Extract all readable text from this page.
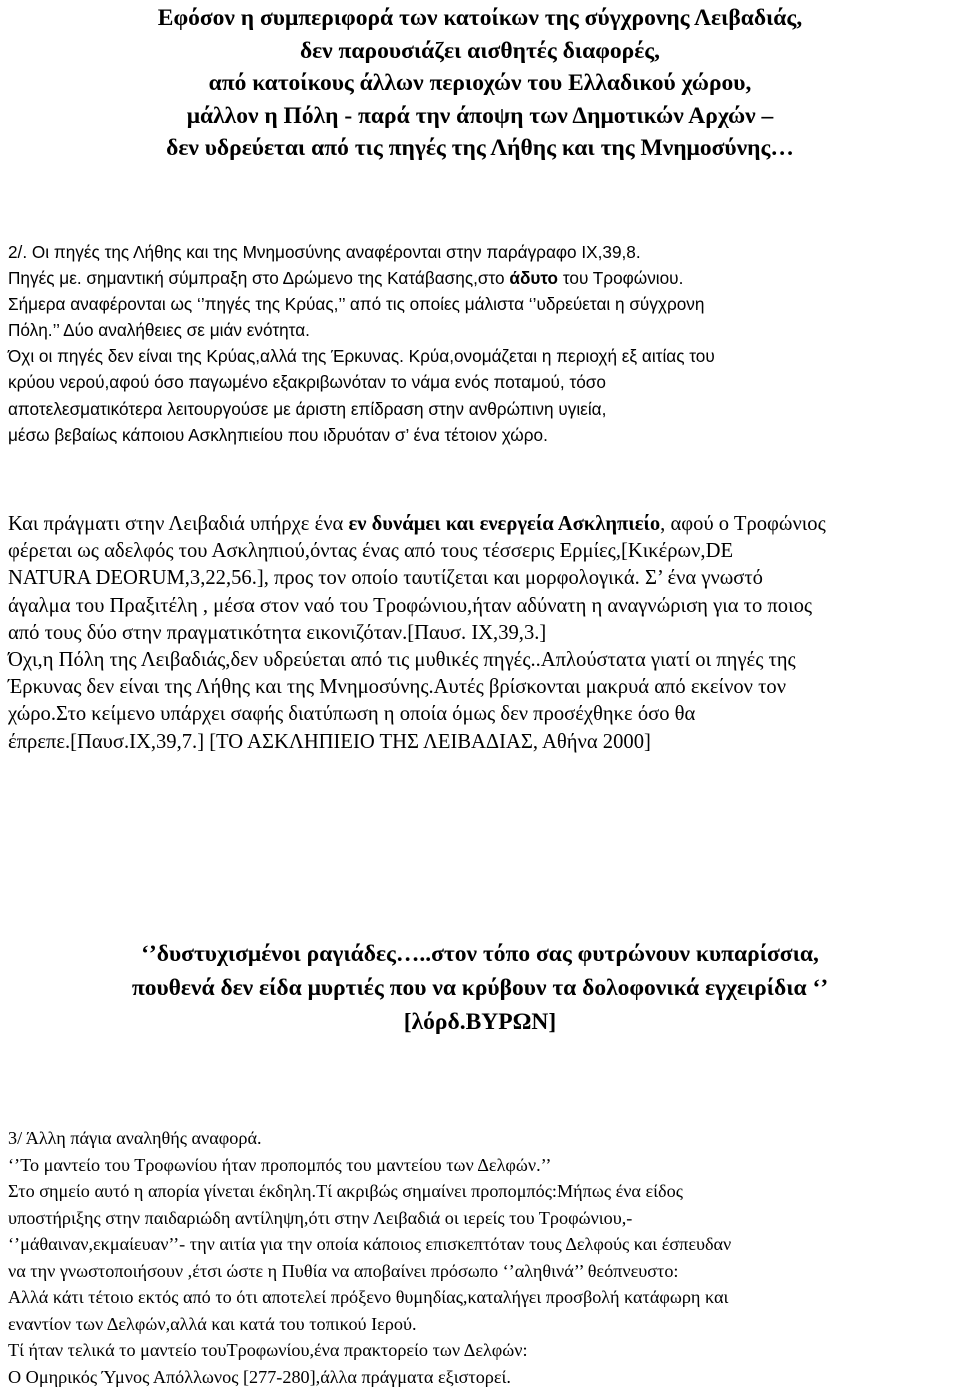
Εφόσον η συμπεριφορά των κατοίκων της σύγχρονης Λειβαδιάς,
δεν παρουσιάζει αισθητές διαφορές,
από κατοίκους άλλων περιοχών του Ελλαδικού χώρου,
μάλλον η Πόλη - παρά την άποψη των Δημοτικών Αρχών –
δεν υδρεύεται από τις πηγές της Λήθης και της Μνημοσύνης…
2/. Οι πηγές της Λήθης και της Μνημοσύνης αναφέρονται στην παράγραφο ΙΧ,39,8.
Πηγές με. σημαντική σύμπραξη στο Δρώμενο της Κατάβασης,στο άδυτο του Τροφώνιου.
Σήμερα αναφέρονται ως ‘’πηγές της Κρύας,’’ από τις οποίες μάλιστα ‘’υδρεύεται η σύγχρονη
Πόλη.’’ Δύο αναλήθειες σε μιάν ενότητα.
Όχι οι πηγές δεν είναι της Κρύας,αλλά της Έρκυνας. Κρύα,ονομάζεται η περιοχή εξ αιτίας του
κρύου νερού,αφού όσο παγωμένο εξακριβωνόταν το νάμα ενός ποταμού, τόσο
αποτελεσματικότερα λειτουργούσε με άριστη επίδραση στην ανθρώπινη υγιεία,
μέσω βεβαίως κάποιου Ασκληπιείου που ιδρυόταν σ’ ένα τέτοιον χώρο.
Και πράγματι στην Λειβαδιά υπήρχε ένα εν δυνάμει και ενεργεία Ασκληπιείο, αφού ο Τροφώνιος
φέρεται ως αδελφός του Ασκληπιού,όντας ένας από τους τέσσερις Ερμίες,[Κικέρων,DE
NATURA DEORUM,3,22,56.], προς τον οποίο ταυτίζεται και μορφολογικά. Σ’ ένα γνωστό
άγαλμα του Πραξιτέλη , μέσα στον ναό του Τροφώνιου,ήταν αδύνατη η αναγνώριση για το ποιος
από τους δύο στην πραγματικότητα εικονιζόταν.[Παυσ. ΙΧ,39,3.]
Όχι,η Πόλη της Λειβαδιάς,δεν υδρεύεται από τις μυθικές πηγές..Απλούστατα γιατί οι πηγές της
Έρκυνας δεν είναι της Λήθης και της Μνημοσύνης.Αυτές βρίσκονται μακρυά από εκείνον τον
χώρο.Στο κείμενο υπάρχει σαφής διατύπωση η οποία όμως δεν προσέχθηκε όσο θα
έπρεπε.[Παυσ.ΙΧ,39,7.] [ΤΟ ΑΣΚΛΗΠΙΕΙΟ ΤΗΣ ΛΕΙΒΑΔΙΑΣ, Αθήνα 2000]
‘’δυστυχισμένοι ραγιάδες…..στον τόπο σας φυτρώνουν κυπαρίσσια,
πουθενά δεν είδα μυρτιές που να κρύβουν τα δολοφονικά εγχειρίδια ‘’
[λόρδ.ΒΥΡΩΝ]
3/ Άλλη πάγια αναληθής αναφορά.
‘’Το μαντείο του Τροφωνίου ήταν προπομπός του μαντείου των Δελφών.’’
Στο σημείο αυτό η απορία γίνεται έκδηλη.Τί ακριβώς σημαίνει προπομπός:Μήπως ένα είδος
υποστήριξης στην παιδαριώδη αντίληψη,ότι στην Λειβαδιά οι ιερείς του Τροφώνιου,-
‘’μάθαιναν,εκμαίευαν’’- την αιτία για την οποία κάποιος επισκεπτόταν τους Δελφούς και έσπευδαν
να την γνωστοποιήσουν ,έτσι ώστε η Πυθία να αποβαίνει πρόσωπο ‘’αληθινά’’ θεόπνευστο:
Αλλά κάτι τέτοιο εκτός από το ότι αποτελεί πρόξενο θυμηδίας,καταλήγει προσβολή κατάφωρη και
εναντίον των Δελφών,αλλά και κατά του τοπικού Ιερού.
Τί ήταν τελικά το μαντείο τουΤροφωνίου,ένα πρακτορείο των Δελφών:
Ο Ομηρικός Ύμνος Απόλλωνος [277-280],άλλα πράγματα εξιστορεί.
